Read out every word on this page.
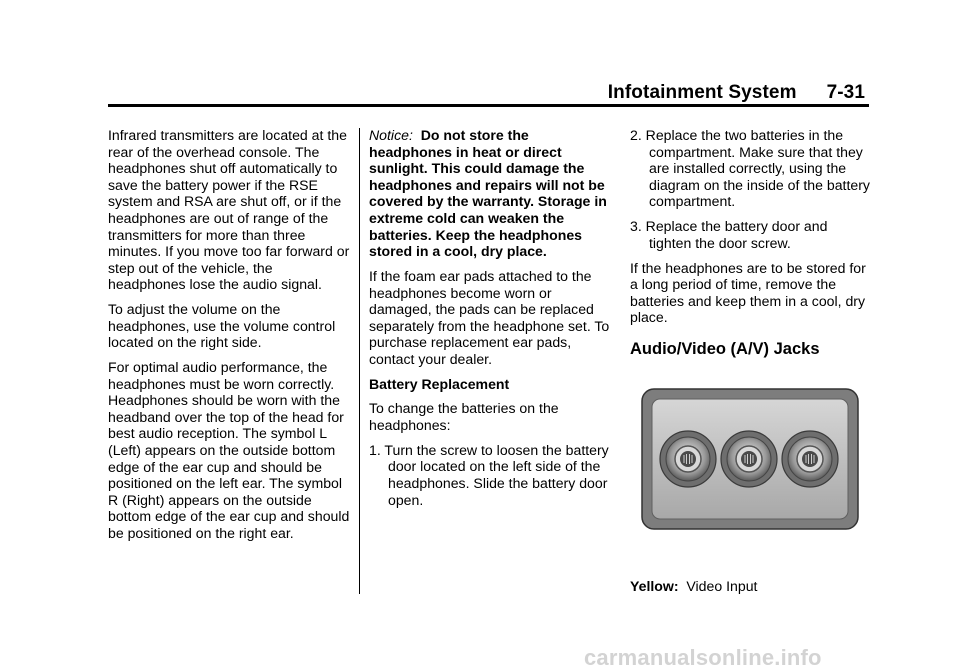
Infotainment System 7-31

Infrared transmitters are located at the rear of the overhead console. The headphones shut off automatically to save the battery power if the RSE system and RSA are shut off, or if the headphones are out of range of the transmitters for more than three minutes. If you move too far forward or step out of the vehicle, the headphones lose the audio signal.

To adjust the volume on the headphones, use the volume control located on the right side.

For optimal audio performance, the headphones must be worn correctly. Headphones should be worn with the headband over the top of the head for best audio reception. The symbol L (Left) appears on the outside bottom edge of the ear cup and should be positioned on the left ear. The symbol R (Right) appears on the outside bottom edge of the ear cup and should be positioned on the right ear.

Notice: Do not store the headphones in heat or direct sunlight. This could damage the headphones and repairs will not be covered by the warranty. Storage in extreme cold can weaken the batteries. Keep the headphones stored in a cool, dry place.

If the foam ear pads attached to the headphones become worn or damaged, the pads can be replaced separately from the headphone set. To purchase replacement ear pads, contact your dealer.

Battery Replacement

To change the batteries on the headphones:

1. Turn the screw to loosen the battery door located on the left side of the headphones. Slide the battery door open.
2. Replace the two batteries in the compartment. Make sure that they are installed correctly, using the diagram on the inside of the battery compartment.
3. Replace the battery door and tighten the door screw.

If the headphones are to be stored for a long period of time, remove the batteries and keep them in a cool, dry place.

Audio/Video (A/V) Jacks
Yellow: Video Input
carmanualsonline.info
